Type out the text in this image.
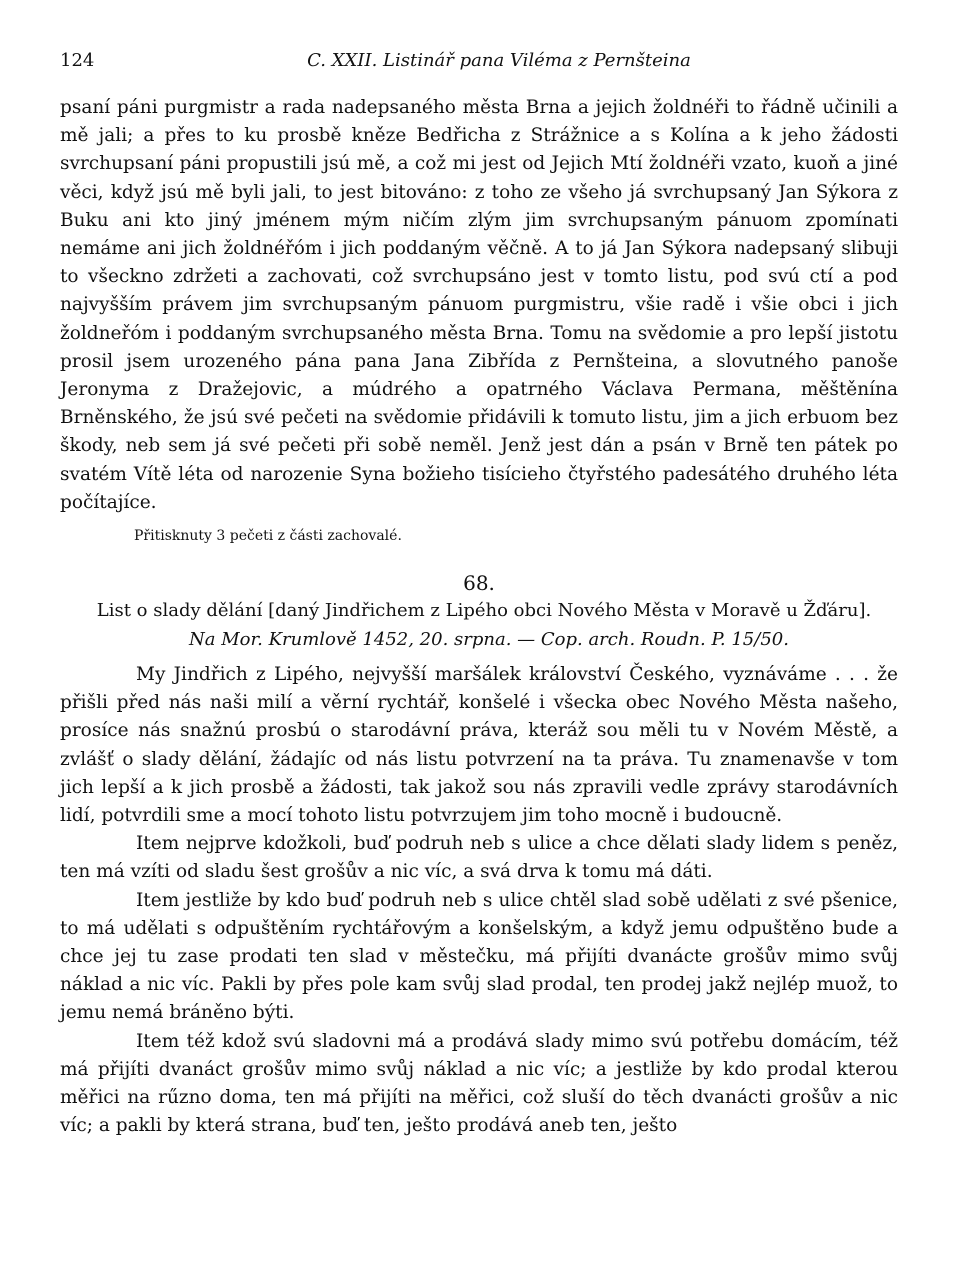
124	C. XXII. Listinář pana Viléma z Pernšteina

psaní páni purgmistr a rada nadepsaného města Brna a jejich žoldnéři to řádně učinili a mě jali; a přes to ku prosbě kněze Bedřicha z Strážnice a s Kolína a k jeho žádosti svrchupsaní páni propustili jsú mě, a což mi jest od Jejich Mtí žoldnéři vzato, kuoň a jiné věci, když jsú mě byli jali, to jest bitováno: z toho ze všeho já svrchupsaný Jan Sýkora z Buku ani kto jiný jménem mým ničím zlým jim svrchupsaným pánuom zpomínati nemáme ani jich žoldnéřóm i jich poddaným věčně. A to já Jan Sýkora nadepsaný slibuji to všeckno zdržeti a zachovati, což svrchupsáno jest v tomto listu, pod svú ctí a pod najvyšším právem jim svrchupsaným pánuom purgmistru, všie radě i všie obci i jich žoldneřóm i poddaným svrchupsaného města Brna. Tomu na svědomie a pro lepší jistotu prosil jsem urozeného pána pana Jana Zibřída z Pernšteina, a slovutného panoše Jeronyma z Dražejovic, a múdrého a opatrného Václava Permana, měštěnína Brněnského, že jsú své pečeti na svědomie přidávili k tomuto listu, jim a jich erbuom bez škody, neb sem já své pečeti při sobě neměl. Jenž jest dán a psán v Brně ten pátek po svatém Vítě léta od narozenie Syna božieho tisícieho čtyřstého padesátého druhého léta počítajíce.

Přitisknuty 3 pečeti z části zachovalé.
68.
List o slady dělání [daný Jindřichem z Lipého obci Nového Města v Moravě u Žďáru].
Na Mor. Krumlově 1452, 20. srpna. — Cop. arch. Roudn. P. 15/50.

My Jindřich z Lipého, nejvyšší maršálek království Českého, vyznáváme . . . že přišli před nás naši milí a věrní rychtář, konšelé i všecka obec Nového Města našeho, prosíce nás snažnú prosbú o starodávní práva, kteráž sou měli tu v Novém Městě, a zvlášť o slady dělání, žádajíc od nás listu potvrzení na ta práva. Tu znamenavše v tom jich lepší a k jich prosbě a žádosti, tak jakož sou nás zpravili vedle zprávy starodávních lidí, potvrdili sme a mocí tohoto listu potvrzujem jim toho mocně i budoucně.

Item nejprve kdožkoli, buď podruh neb s ulice a chce dělati slady lidem s peněz, ten má vzíti od sladu šest grošův a nic víc, a svá drva k tomu má dáti.

Item jestliže by kdo buď podruh neb s ulice chtěl slad sobě udělati z své pšenice, to má udělati s odpuštěním rychtářovým a konšelským, a když jemu odpuštěno bude a chce jej tu zase prodati ten slad v městečku, má přijíti dvanácte grošův mimo svůj náklad a nic víc. Pakli by přes pole kam svůj slad prodal, ten prodej jakž nejlép muož, to jemu nemá bráněno býti.

Item též kdož svú sladovni má a prodává slady mimo svú potřebu domácím, též má přijíti dvanáct grošův mimo svůj náklad a nic víc; a jestliže by kdo prodal kterou měřici na rűzno doma, ten má přijíti na měřici, což sluší do těch dvanácti grošův a nic víc; a pakli by která strana, buď ten, ješto prodává aneb ten, ješto
